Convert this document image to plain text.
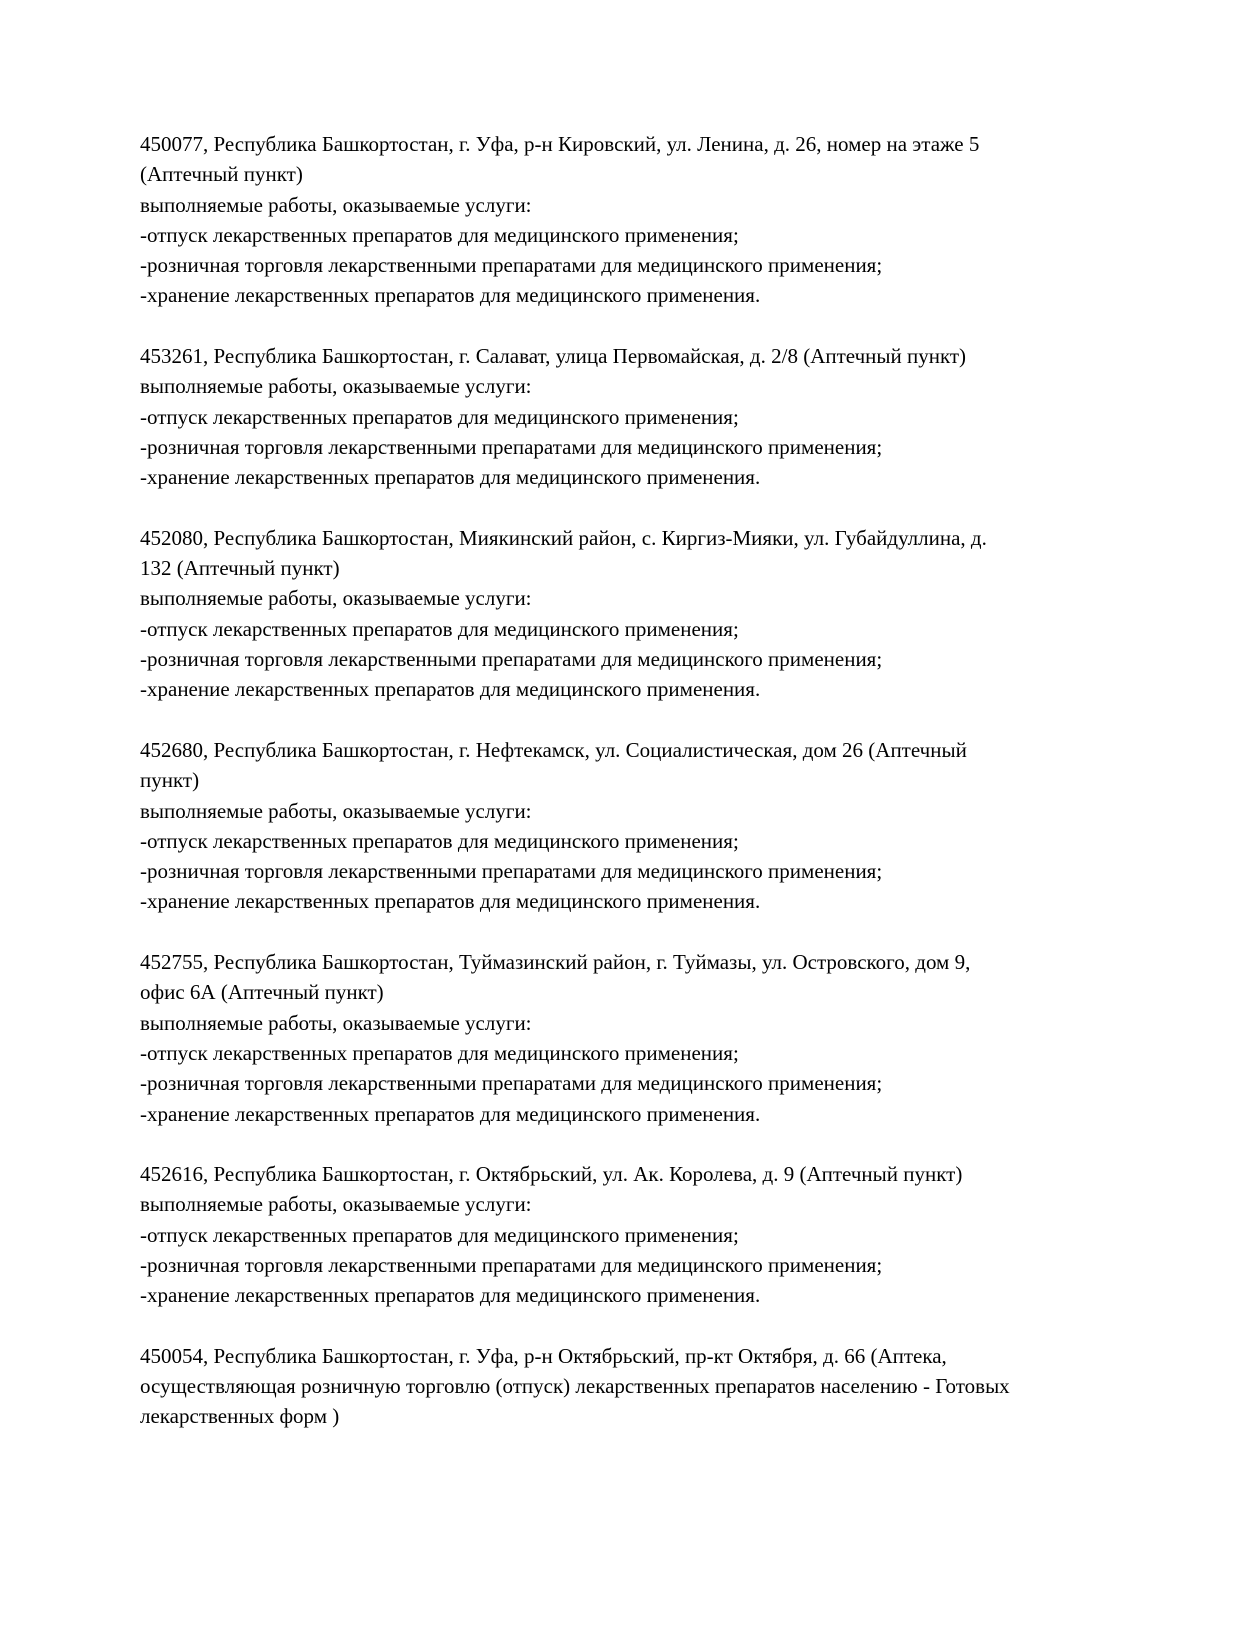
450077, Республика Башкортостан, г. Уфа, р-н Кировский, ул. Ленина, д. 26, номер на этаже 5
(Аптечный пункт)
выполняемые работы, оказываемые услуги:
-отпуск лекарственных препаратов для медицинского применения;
-розничная торговля лекарственными препаратами для медицинского применения;
-хранение лекарственных препаратов для медицинского применения.
453261, Республика Башкортостан, г. Салават, улица Первомайская, д. 2/8 (Аптечный пункт)
выполняемые работы, оказываемые услуги:
-отпуск лекарственных препаратов для медицинского применения;
-розничная торговля лекарственными препаратами для медицинского применения;
-хранение лекарственных препаратов для медицинского применения.
452080, Республика Башкортостан, Миякинский район, с. Киргиз-Мияки, ул. Губайдуллина, д.
132 (Аптечный пункт)
выполняемые работы, оказываемые услуги:
-отпуск лекарственных препаратов для медицинского применения;
-розничная торговля лекарственными препаратами для медицинского применения;
-хранение лекарственных препаратов для медицинского применения.
452680, Республика Башкортостан, г. Нефтекамск, ул. Социалистическая, дом 26 (Аптечный
пункт)
выполняемые работы, оказываемые услуги:
-отпуск лекарственных препаратов для медицинского применения;
-розничная торговля лекарственными препаратами для медицинского применения;
-хранение лекарственных препаратов для медицинского применения.
452755, Республика Башкортостан, Туймазинский район, г. Туймазы, ул. Островского, дом 9,
офис 6А (Аптечный пункт)
выполняемые работы, оказываемые услуги:
-отпуск лекарственных препаратов для медицинского применения;
-розничная торговля лекарственными препаратами для медицинского применения;
-хранение лекарственных препаратов для медицинского применения.
452616, Республика Башкортостан, г. Октябрьский, ул. Ак. Королева, д. 9 (Аптечный пункт)
выполняемые работы, оказываемые услуги:
-отпуск лекарственных препаратов для медицинского применения;
-розничная торговля лекарственными препаратами для медицинского применения;
-хранение лекарственных препаратов для медицинского применения.
450054, Республика Башкортостан, г. Уфа, р-н Октябрьский, пр-кт Октября, д. 66 (Аптека,
осуществляющая розничную торговлю (отпуск) лекарственных препаратов населению - Готовых
лекарственных форм )
